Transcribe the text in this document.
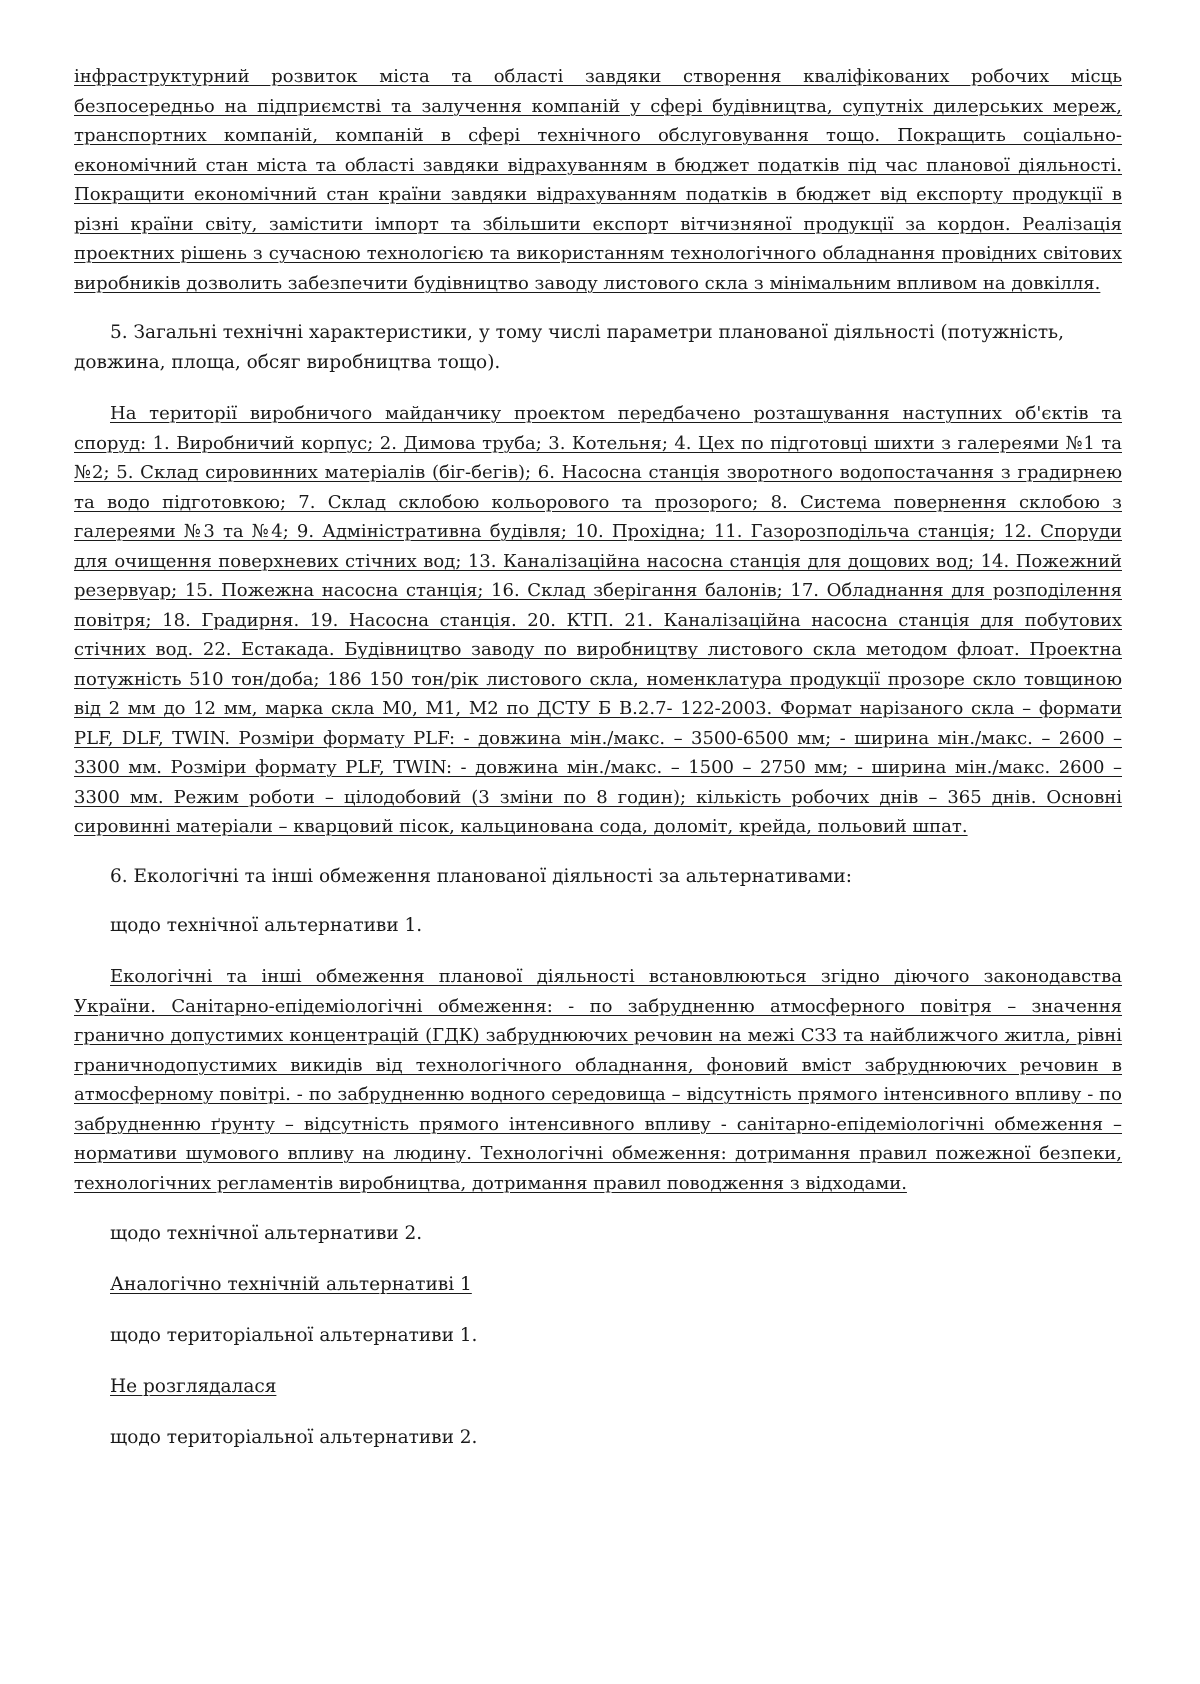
інфраструктурний розвиток міста та області завдяки створення кваліфікованих робочих місць безпосередньо на підприємстві та залучення компаній у сфері будівництва, супутніх дилерських мереж, транспортних компаній, компаній в сфері технічного обслуговування тощо. Покращить соціально-економічний стан міста та області завдяки відрахуванням в бюджет податків під час планової діяльності. Покращити економічний стан країни завдяки відрахуванням податків в бюджет від експорту продукції в різні країни світу, замістити імпорт та збільшити експорт вітчизняної продукції за кордон. Реалізація проектних рішень з сучасною технологією та використанням технологічного обладнання провідних світових виробників дозволить забезпечити будівництво заводу листового скла з мінімальним впливом на довкілля.

5. Загальні технічні характеристики, у тому числі параметри планованої діяльності (потужність, довжина, площа, обсяг виробництва тощо).

На території виробничого майданчику проектом передбачено розташування наступних об'єктів та споруд: 1. Виробничий корпус; 2. Димова труба; 3. Котельня; 4. Цех по підготовці шихти з галереями №1 та №2; 5. Склад сировинних матеріалів (біг-бегів); 6. Насосна станція зворотного водопостачання з градирнею та водо підготовкою; 7. Склад склобою кольорового та прозорого; 8. Система повернення склобою з галереями №3 та №4; 9. Адміністративна будівля; 10. Прохідна; 11. Газорозподільча станція; 12. Споруди для очищення поверхневих стічних вод; 13. Каналізаційна насосна станція для дощових вод; 14. Пожежний резервуар; 15. Пожежна насосна станція; 16. Склад зберігання балонів; 17. Обладнання для розподілення повітря; 18. Градирня. 19. Насосна станція. 20. КТП. 21. Каналізаційна насосна станція для побутових стічних вод. 22. Естакада. Будівництво заводу по виробництву листового скла методом флоат. Проектна потужність 510 тон/доба; 186 150 тон/рік листового скла, номенклатура продукції прозоре скло товщиною від 2 мм до 12 мм, марка скла М0, М1, М2 по ДСТУ Б В.2.7- 122-2003. Формат нарізаного скла – формати PLF, DLF, TWIN. Розміри формату PLF: - довжина мін./макс. – 3500-6500 мм; - ширина мін./макс. – 2600 – 3300 мм. Розміри формату PLF, TWIN: - довжина мін./макс. – 1500 – 2750 мм; - ширина мін./макс. 2600 – 3300 мм. Режим роботи – цілодобовий (3 зміни по 8 годин); кількість робочих днів – 365 днів. Основні сировинні матеріали – кварцовий пісок, кальцинована сода, доломіт, крейда, польовий шпат.

6. Екологічні та інші обмеження планованої діяльності за альтернативами:

щодо технічної альтернативи 1.

Екологічні та інші обмеження планової діяльності встановлюються згідно діючого законодавства України. Санітарно-епідеміологічні обмеження: - по забрудненню атмосферного повітря – значення гранично допустимих концентрацій (ГДК) забруднюючих речовин на межі СЗЗ та найближчого житла, рівні граничнодопустимих викидів від технологічного обладнання, фоновий вміст забруднюючих речовин в атмосферному повітрі. - по забрудненню водного середовища – відсутність прямого інтенсивного впливу - по забрудненню ґрунту – відсутність прямого інтенсивного впливу - санітарно-епідеміологічні обмеження – нормативи шумового впливу на людину. Технологічні обмеження: дотримання правил пожежної безпеки, технологічних регламентів виробництва, дотримання правил поводження з відходами.

щодо технічної альтернативи 2.

Аналогічно технічній альтернативі 1

щодо територіальної альтернативи 1.

Не розглядалася

щодо територіальної альтернативи 2.
